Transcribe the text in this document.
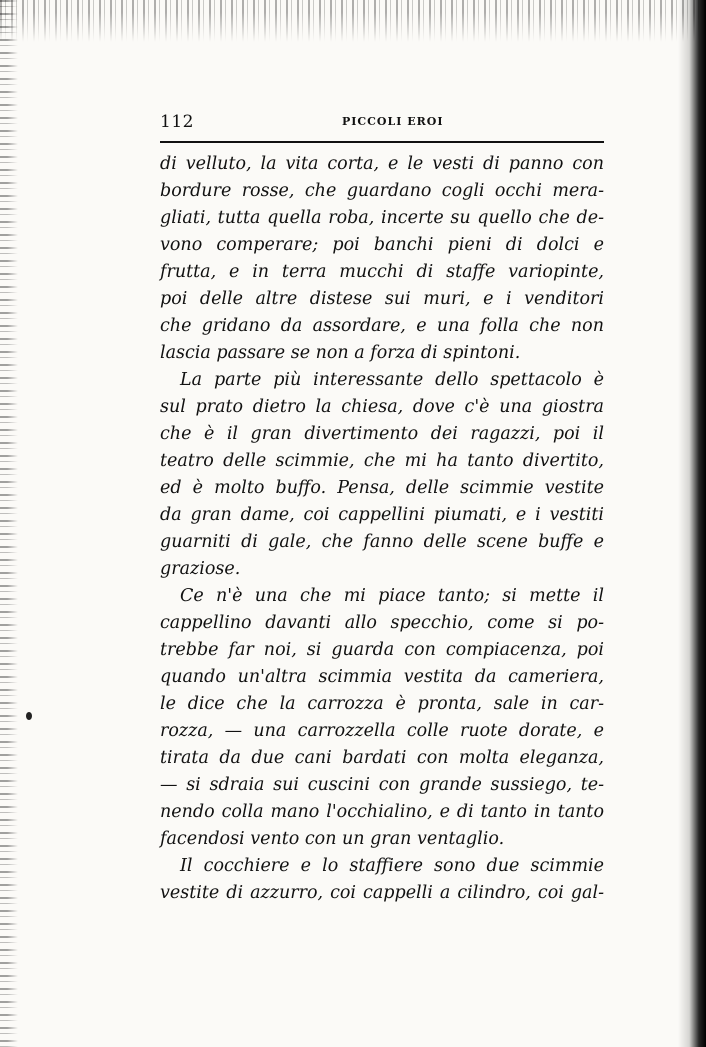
112	PICCOLI EROI
di velluto, la vita corta, e le vesti di panno con
bordure rosse, che guardano cogli occhi mera-
gliati, tutta quella roba, incerte su quello che de-
vono comperare; poi banchi pieni di dolci e
frutta, e in terra mucchi di staffe variopinte,
poi delle altre distese sui muri, e i venditori
che gridano da assordare, e una folla che non
lascia passare se non a forza di spintoni.
La parte più interessante dello spettacolo è
sul prato dietro la chiesa, dove c'è una giostra
che è il gran divertimento dei ragazzi, poi il
teatro delle scimmie, che mi ha tanto divertito,
ed è molto buffo. Pensa, delle scimmie vestite
da gran dame, coi cappellini piumati, e i vestiti
guarniti di gale, che fanno delle scene buffe e
graziose.
Ce n'è una che mi piace tanto; si mette il
cappellino davanti allo specchio, come si po-
trebbe far noi, si guarda con compiacenza, poi
quando un'altra scimmia vestita da cameriera,
le dice che la carrozza è pronta, sale in car-
rozza, — una carrozzella colle ruote dorate, e
tirata da due cani bardati con molta eleganza,
— si sdraia sui cuscini con grande sussiego, te-
nendo colla mano l'occhialino, e di tanto in tanto
facendosi vento con un gran ventaglio.
Il cocchiere e lo staffiere sono due scimmie
vestite di azzurro, coi cappelli a cilindro, coi gal-
